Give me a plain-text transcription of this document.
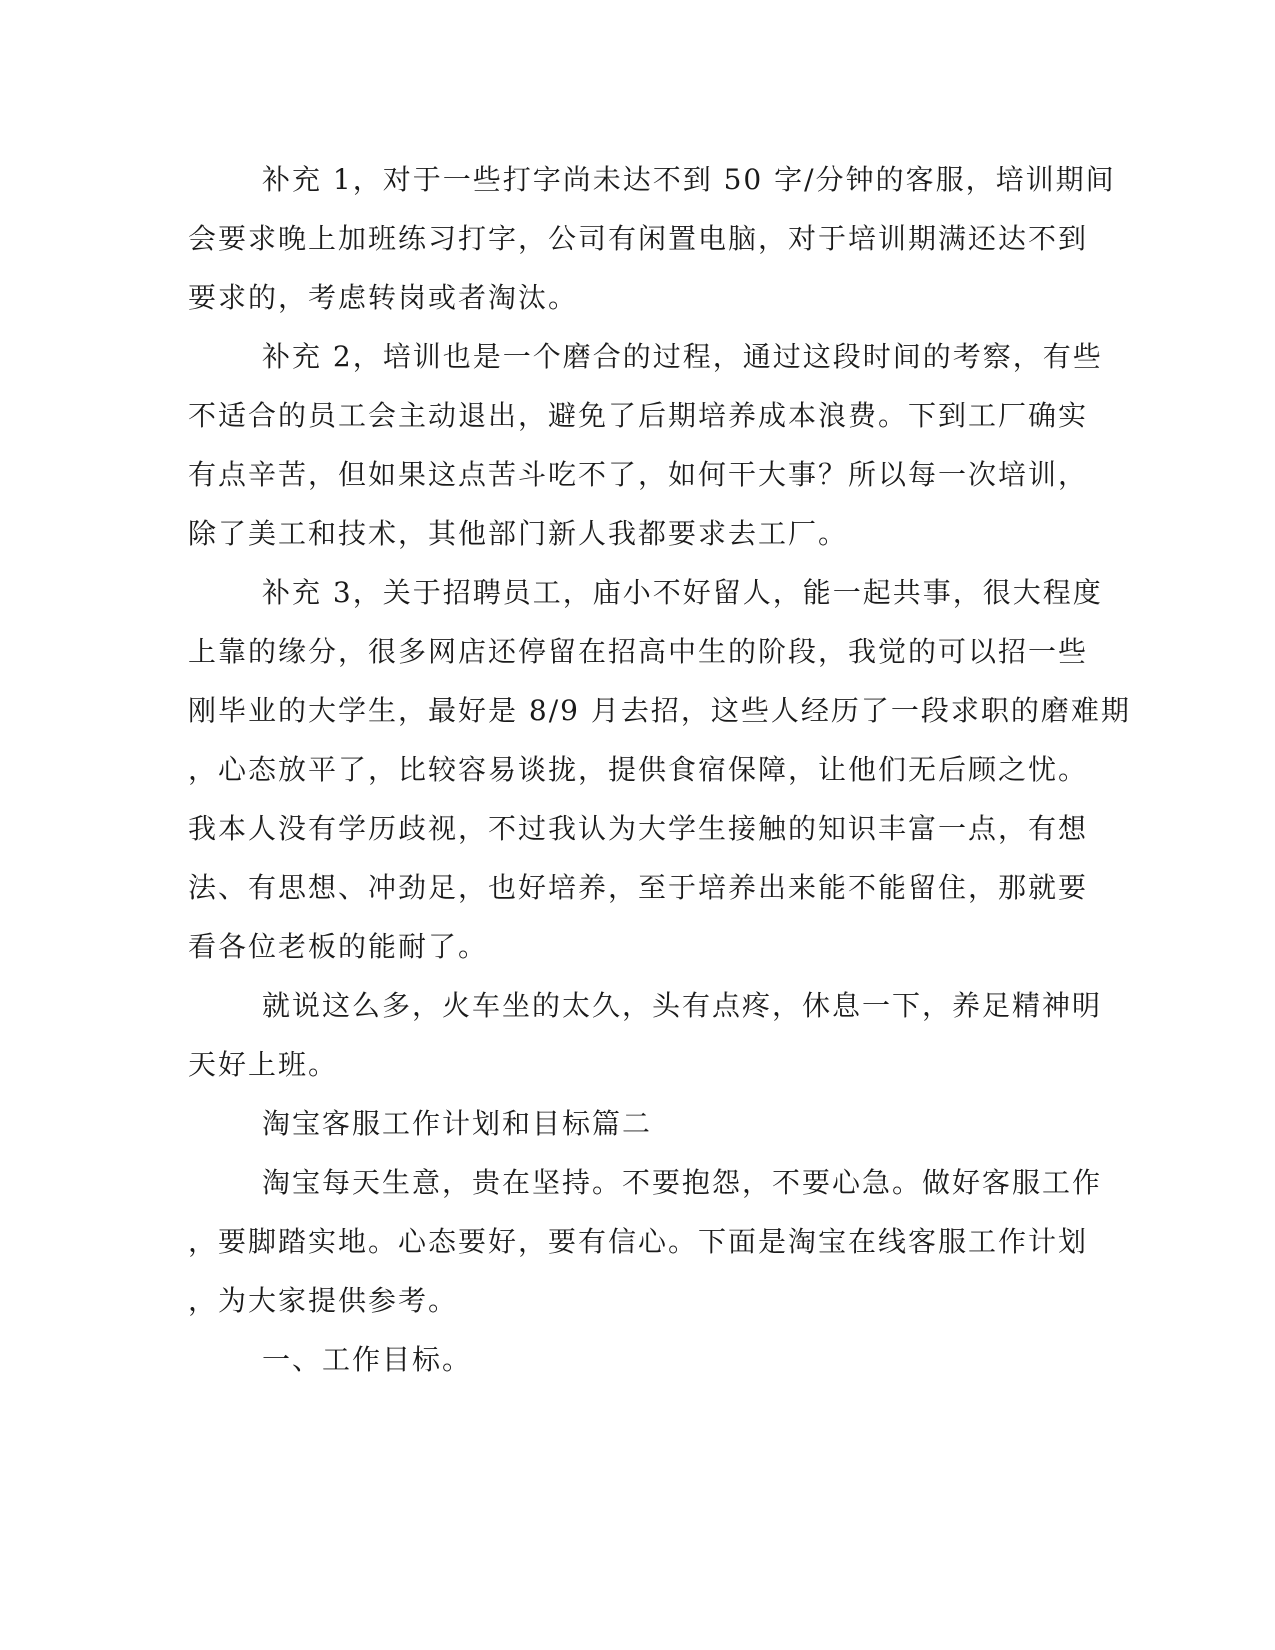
补充 1，对于一些打字尚未达不到 50 字/分钟的客服，培训期间
会要求晚上加班练习打字，公司有闲置电脑，对于培训期满还达不到
要求的，考虑转岗或者淘汰。
补充 2，培训也是一个磨合的过程，通过这段时间的考察，有些
不适合的员工会主动退出，避免了后期培养成本浪费。下到工厂确实
有点辛苦，但如果这点苦斗吃不了，如何干大事？所以每一次培训，
除了美工和技术，其他部门新人我都要求去工厂。
补充 3，关于招聘员工，庙小不好留人，能一起共事，很大程度
上靠的缘分，很多网店还停留在招高中生的阶段，我觉的可以招一些
刚毕业的大学生，最好是 8/9 月去招，这些人经历了一段求职的磨难期
，心态放平了，比较容易谈拢，提供食宿保障，让他们无后顾之忧。
我本人没有学历歧视，不过我认为大学生接触的知识丰富一点，有想
法、有思想、冲劲足，也好培养，至于培养出来能不能留住，那就要
看各位老板的能耐了。
就说这么多，火车坐的太久，头有点疼，休息一下，养足精神明
天好上班。
淘宝客服工作计划和目标篇二
淘宝每天生意，贵在坚持。不要抱怨，不要心急。做好客服工作
，要脚踏实地。心态要好，要有信心。下面是淘宝在线客服工作计划
，为大家提供参考。
一、工作目标。
